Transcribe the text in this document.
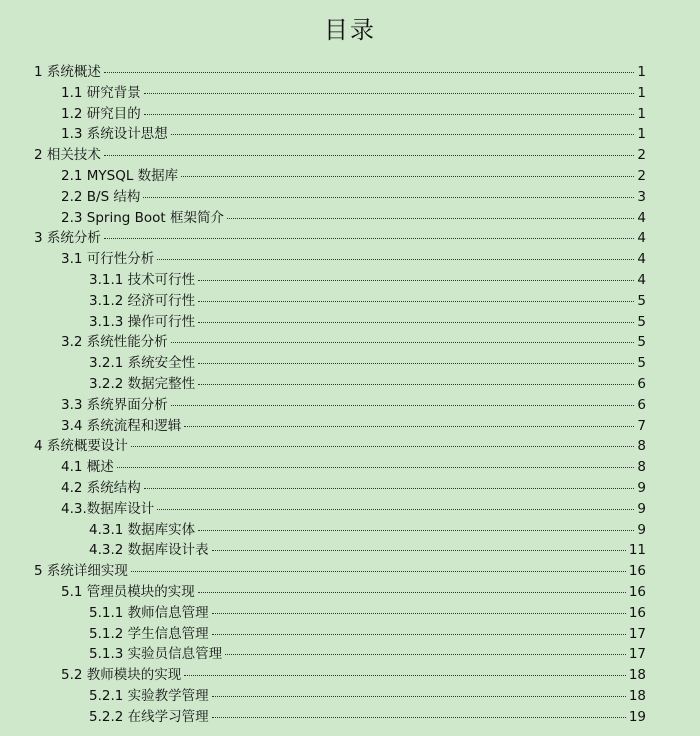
目录
1 系统概述	1
1.1 研究背景	1
1.2 研究目的	1
1.3 系统设计思想	1
2 相关技术	2
2.1 MYSQL 数据库	2
2.2 B/S 结构	3
2.3 Spring Boot 框架简介	4
3 系统分析	4
3.1 可行性分析	4
3.1.1 技术可行性	4
3.1.2 经济可行性	5
3.1.3 操作可行性	5
3.2 系统性能分析	5
3.2.1 系统安全性	5
3.2.2 数据完整性	6
3.3 系统界面分析	6
3.4 系统流程和逻辑	7
4 系统概要设计	8
4.1 概述	8
4.2 系统结构	9
4.3.数据库设计	9
4.3.1 数据库实体	9
4.3.2 数据库设计表	11
5 系统详细实现	16
5.1 管理员模块的实现	16
5.1.1 教师信息管理	16
5.1.2 学生信息管理	17
5.1.3 实验员信息管理	17
5.2 教师模块的实现	18
5.2.1 实验教学管理	18
5.2.2 在线学习管理	19
